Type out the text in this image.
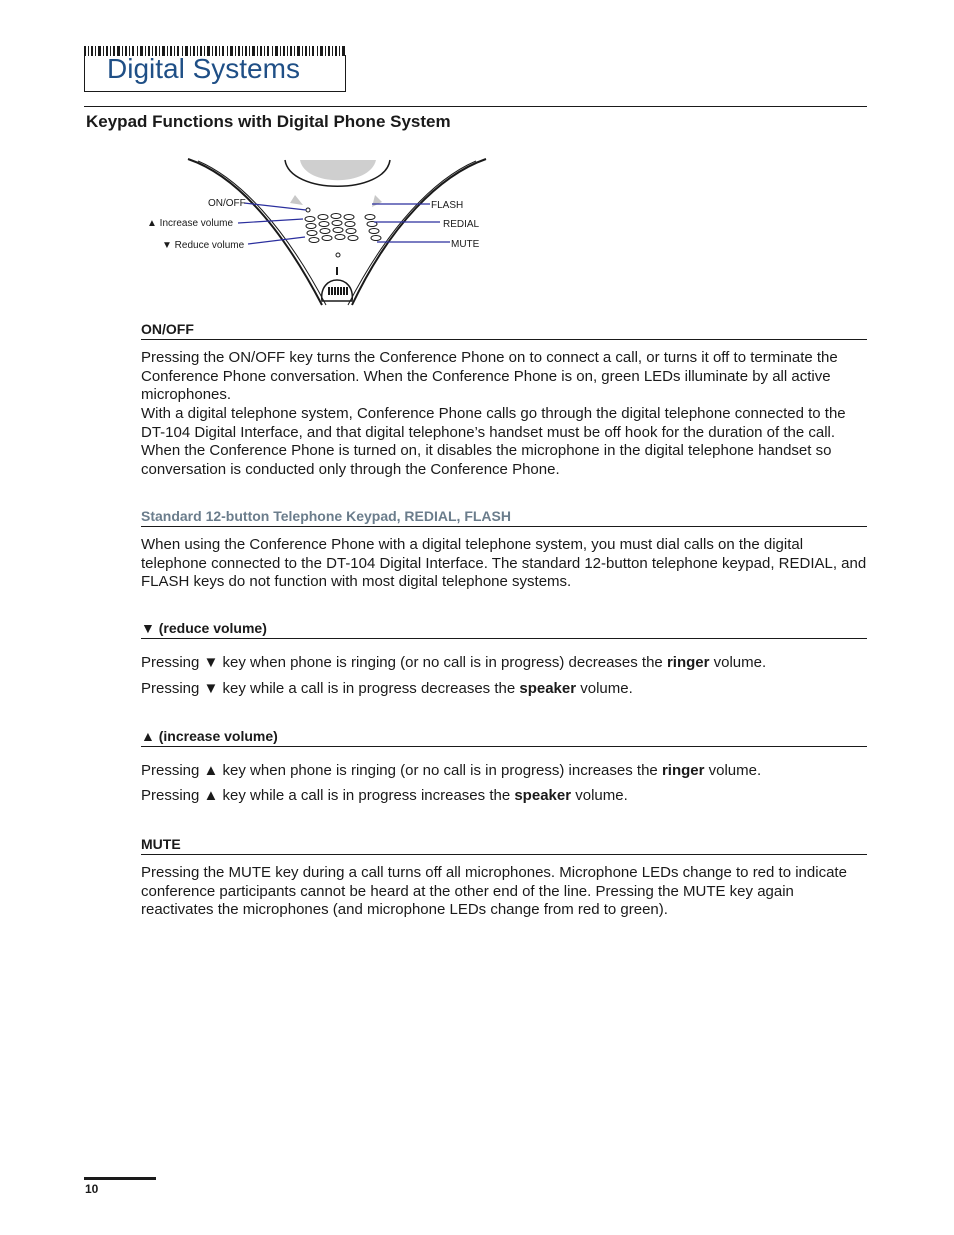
Digital Systems
Keypad Functions with Digital Phone System
ON/OFF
▲ Increase volume
▼ Reduce volume
FLASH
REDIAL
MUTE
ON/OFF
Pressing the ON/OFF key turns the Conference Phone on to connect a call, or turns it off to terminate the Conference Phone conversation. When the Conference Phone is on, green LEDs illuminate by all active microphones.
With a digital telephone system, Conference Phone calls go through the digital telephone connected to the DT-104 Digital Interface, and that digital telephone’s handset must be off hook for the duration of the call. When the Conference Phone is turned on, it disables the microphone in the digital telephone handset so conversation is conducted only through the Conference Phone.
Standard 12-button Telephone Keypad, REDIAL, FLASH
When using the Conference Phone with a digital telephone system, you must dial calls on the digital telephone connected to the DT-104 Digital Interface. The standard 12-button telephone keypad, REDIAL, and FLASH keys do not function with most digital telephone systems.
▼ (reduce volume)
Pressing ▼ key when phone is ringing (or no call is in progress) decreases the ringer volume.
Pressing ▼ key while a call is in progress decreases the speaker volume.
▲ (increase volume)
Pressing ▲ key when phone is ringing (or no call is in progress) increases the ringer volume.
Pressing ▲ key while a call is in progress increases the speaker volume.
MUTE
Pressing the MUTE key during a call turns off all microphones. Microphone LEDs change to red to indicate conference participants cannot be heard at the other end of the line. Pressing the MUTE key again reactivates the microphones (and microphone LEDs change from red to green).
10
